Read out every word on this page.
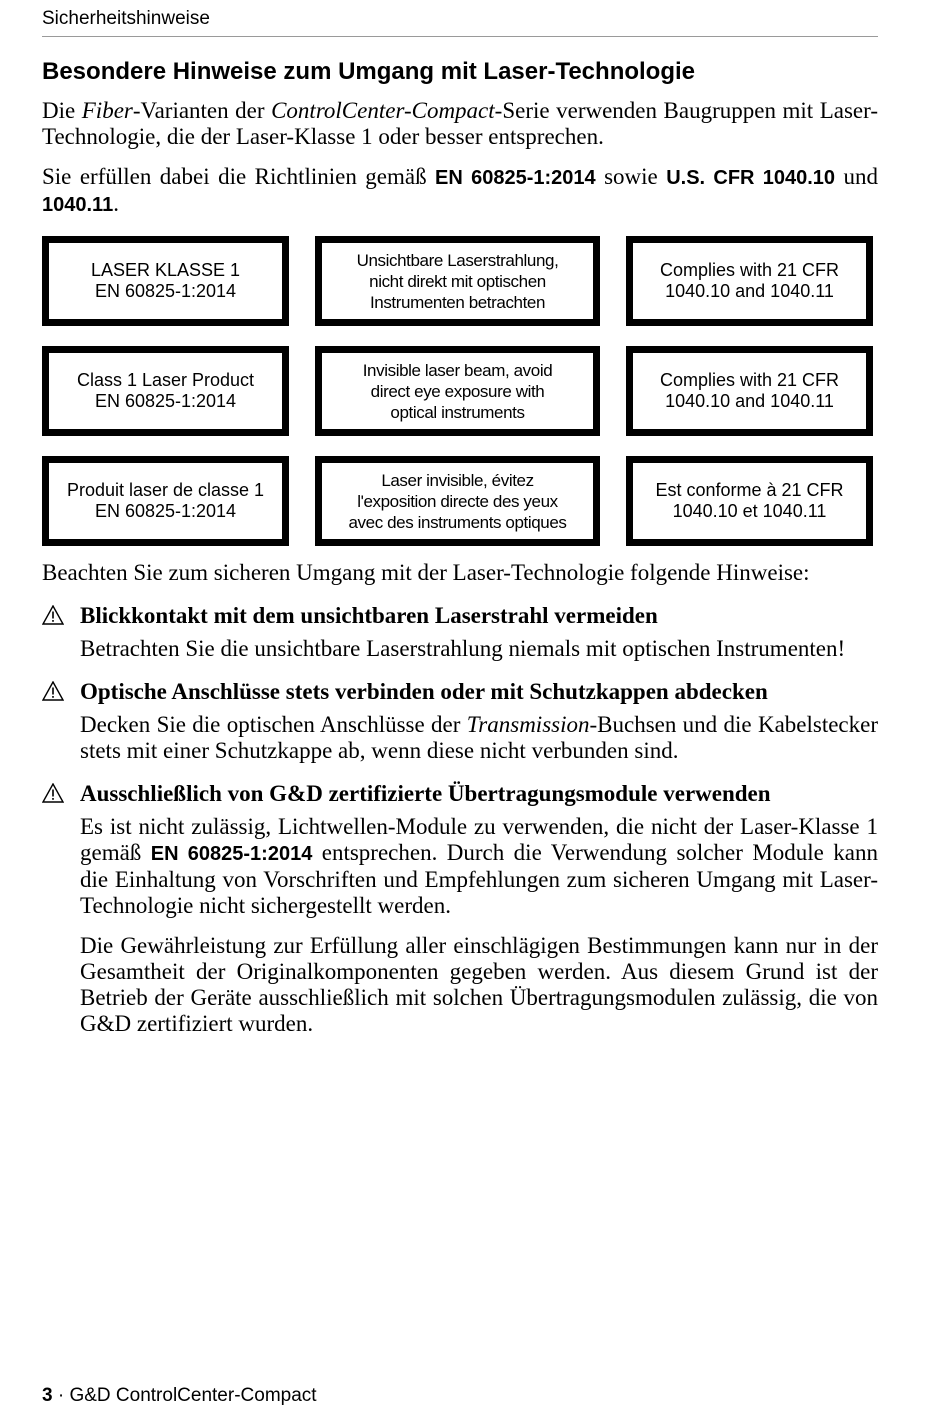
Sicherheitshinweise
Besondere Hinweise zum Umgang mit Laser-Technologie

Die Fiber-Varianten der ControlCenter-Compact-Serie verwenden Baugruppen mit Laser-Technologie, die der Laser-Klasse 1 oder besser entsprechen.

Sie erfüllen dabei die Richtlinien gemäß EN 60825-1:2014 sowie U.S. CFR 1040.10 und 1040.11.

LASER KLASSE 1
EN 60825-1:2014
Unsichtbare Laserstrahlung,
nicht direkt mit optischen
Instrumenten betrachten
Complies with 21 CFR
1040.10 and 1040.11
Class 1 Laser Product
EN 60825-1:2014
Invisible laser beam, avoid
direct eye exposure with
optical instruments
Complies with 21 CFR
1040.10 and 1040.11
Produit laser de classe 1
EN 60825-1:2014
Laser invisible, évitez
l'exposition directe des yeux
avec des instruments optiques
Est conforme à 21 CFR
1040.10 et 1040.11

Beachten Sie zum sicheren Umgang mit der Laser-Technologie folgende Hinweise:

Blickkontakt mit dem unsichtbaren Laserstrahl vermeiden

Betrachten Sie die unsichtbare Laserstrahlung niemals mit optischen Instrumenten!

Optische Anschlüsse stets verbinden oder mit Schutzkappen abdecken

Decken Sie die optischen Anschlüsse der Transmission-Buchsen und die Kabelstecker stets mit einer Schutzkappe ab, wenn diese nicht verbunden sind.

Ausschließlich von G&D zertifizierte Übertragungsmodule verwenden

Es ist nicht zulässig, Lichtwellen-Module zu verwenden, die nicht der Laser-Klasse 1 gemäß EN 60825-1:2014 entsprechen. Durch die Verwendung solcher Module kann die Einhaltung von Vorschriften und Empfehlungen zum sicheren Umgang mit Laser-Technologie nicht sichergestellt werden.

Die Gewährleistung zur Erfüllung aller einschlägigen Bestimmungen kann nur in der Gesamtheit der Originalkomponenten gegeben werden. Aus diesem Grund ist der Betrieb der Geräte ausschließlich mit solchen Übertragungsmodulen zulässig, die von G&D zertifiziert wurden.

3 · G&D ControlCenter-Compact
